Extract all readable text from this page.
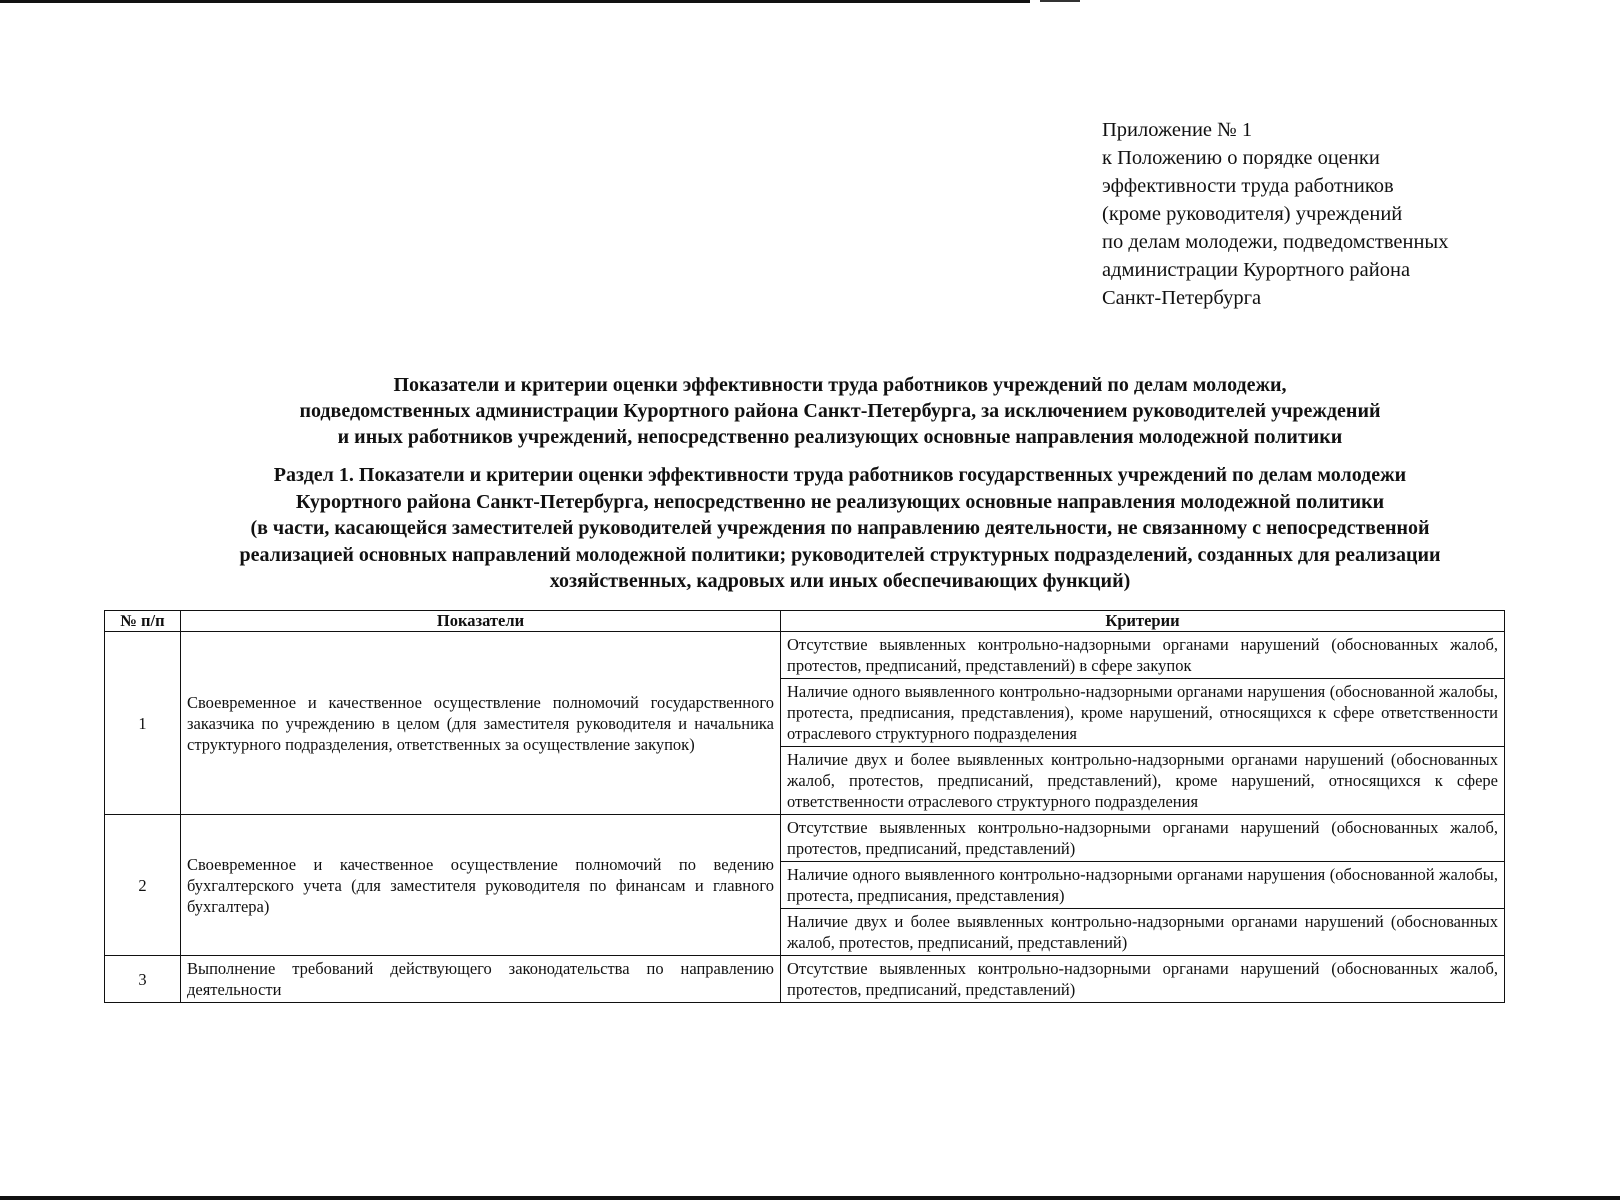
Приложение № 1
к Положению о порядке оценки
эффективности труда работников
(кроме руководителя) учреждений
по делам молодежи, подведомственных
администрации Курортного района
Санкт-Петербурга
Показатели и критерии оценки эффективности труда работников учреждений по делам молодежи,
подведомственных администрации Курортного района Санкт-Петербурга, за исключением руководителей учреждений
и иных работников учреждений, непосредственно реализующих основные направления молодежной политики
Раздел 1. Показатели и критерии оценки эффективности труда работников государственных учреждений по делам молодежи
Курортного района Санкт-Петербурга, непосредственно не реализующих основные направления молодежной политики
(в части, касающейся заместителей руководителей учреждения по направлению деятельности, не связанному с непосредственной
реализацией основных направлений молодежной политики; руководителей структурных подразделений, созданных для реализации
хозяйственных, кадровых или иных обеспечивающих функций)
№ п/п	Показатели	Критерии
1	Своевременное и качественное осуществление полномочий государственного заказчика по учреждению в целом (для заместителя руководителя и начальника структурного подразделения, ответственных за осуществление закупок)	Отсутствие выявленных контрольно-надзорными органами нарушений (обоснованных жалоб, протестов, предписаний, представлений) в сфере закупок
		Наличие одного выявленного контрольно-надзорными органами нарушения (обоснованной жалобы, протеста, предписания, представления), кроме нарушений, относящихся к сфере ответственности отраслевого структурного подразделения
		Наличие двух и более выявленных контрольно-надзорными органами нарушений (обоснованных жалоб, протестов, предписаний, представлений), кроме нарушений, относящихся к сфере ответственности отраслевого структурного подразделения
2	Своевременное и качественное осуществление полномочий по ведению бухгалтерского учета (для заместителя руководителя по финансам и главного бухгалтера)	Отсутствие выявленных контрольно-надзорными органами нарушений (обоснованных жалоб, протестов, предписаний, представлений)
		Наличие одного выявленного контрольно-надзорными органами нарушения (обоснованной жалобы, протеста, предписания, представления)
		Наличие двух и более выявленных контрольно-надзорными органами нарушений (обоснованных жалоб, протестов, предписаний, представлений)
3	Выполнение требований действующего законодательства по направлению деятельности	Отсутствие выявленных контрольно-надзорными органами нарушений (обоснованных жалоб, протестов, предписаний, представлений)
